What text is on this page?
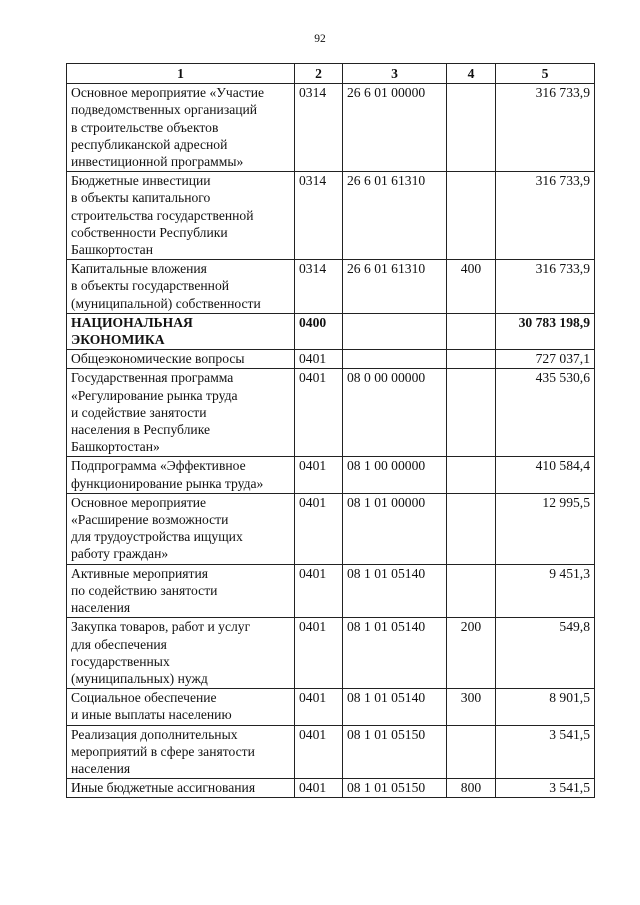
92
1	2	3	4	5
Основное мероприятие «Участие
подведомственных организаций
в строительстве объектов
республиканской адресной
инвестиционной программы»	0314	26 6 01 00000		316 733,9
Бюджетные инвестиции
в объекты капитального
строительства государственной
собственности Республики
Башкортостан	0314	26 6 01 61310		316 733,9
Капитальные вложения
в объекты государственной
(муниципальной) собственности	0314	26 6 01 61310	400	316 733,9
НАЦИОНАЛЬНАЯ
ЭКОНОМИКА	0400			30 783 198,9
Общеэкономические вопросы	0401			727 037,1
Государственная программа
«Регулирование рынка труда
и содействие занятости
населения в Республике
Башкортостан»	0401	08 0 00 00000		435 530,6
Подпрограмма «Эффективное
функционирование рынка труда»	0401	08 1 00 00000		410 584,4
Основное мероприятие
«Расширение возможности
для трудоустройства ищущих
работу граждан»	0401	08 1 01 00000		12 995,5
Активные мероприятия
по содействию занятости
населения	0401	08 1 01 05140		9 451,3
Закупка товаров, работ и услуг
для обеспечения
государственных
(муниципальных) нужд	0401	08 1 01 05140	200	549,8
Социальное обеспечение
и иные выплаты населению	0401	08 1 01 05140	300	8 901,5
Реализация дополнительных
мероприятий в сфере занятости
населения	0401	08 1 01 05150		3 541,5
Иные бюджетные ассигнования	0401	08 1 01 05150	800	3 541,5
